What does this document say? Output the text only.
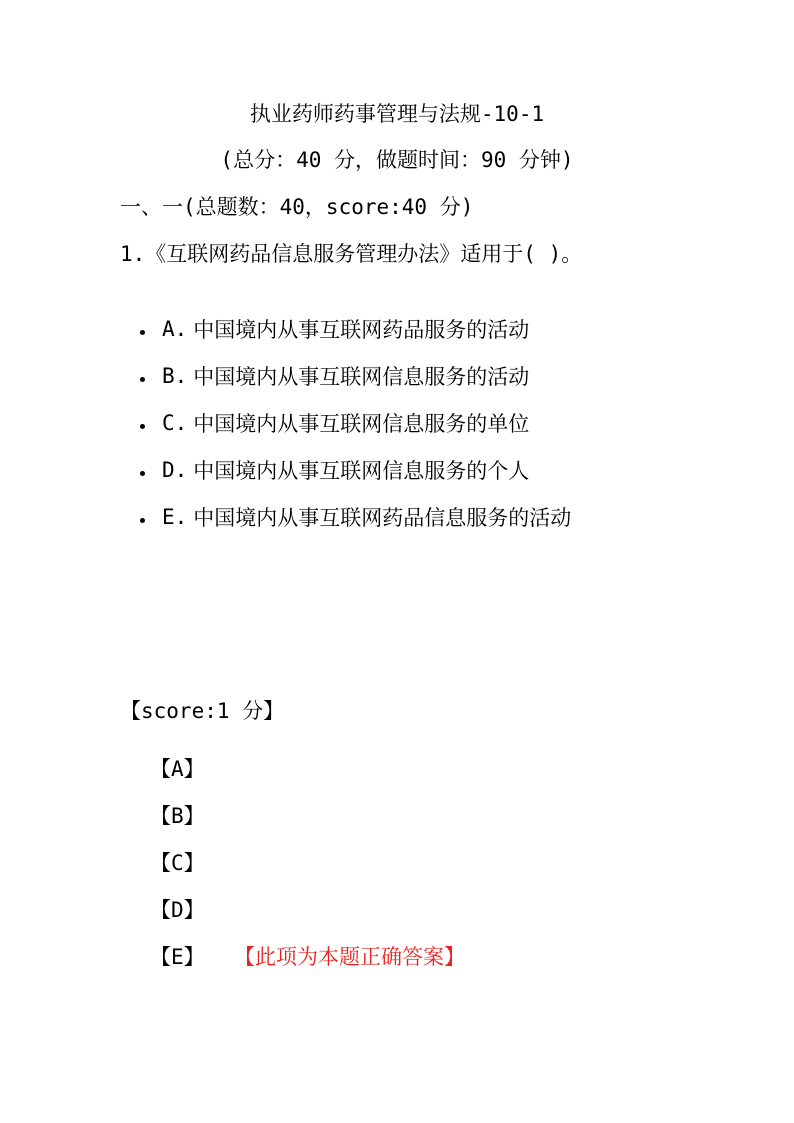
执业药师药事管理与法规-10-1
(总分：40 分，做题时间：90 分钟)
一、一(总题数：40，score:40 分)
1.《互联网药品信息服务管理办法》适用于( )。
A. 中国境内从事互联网药品服务的活动
B. 中国境内从事互联网信息服务的活动
C. 中国境内从事互联网信息服务的单位
D. 中国境内从事互联网信息服务的个人
E. 中国境内从事互联网药品信息服务的活动
【score:1 分】
【A】
【B】
【C】
【D】
【E】	【此项为本题正确答案】
